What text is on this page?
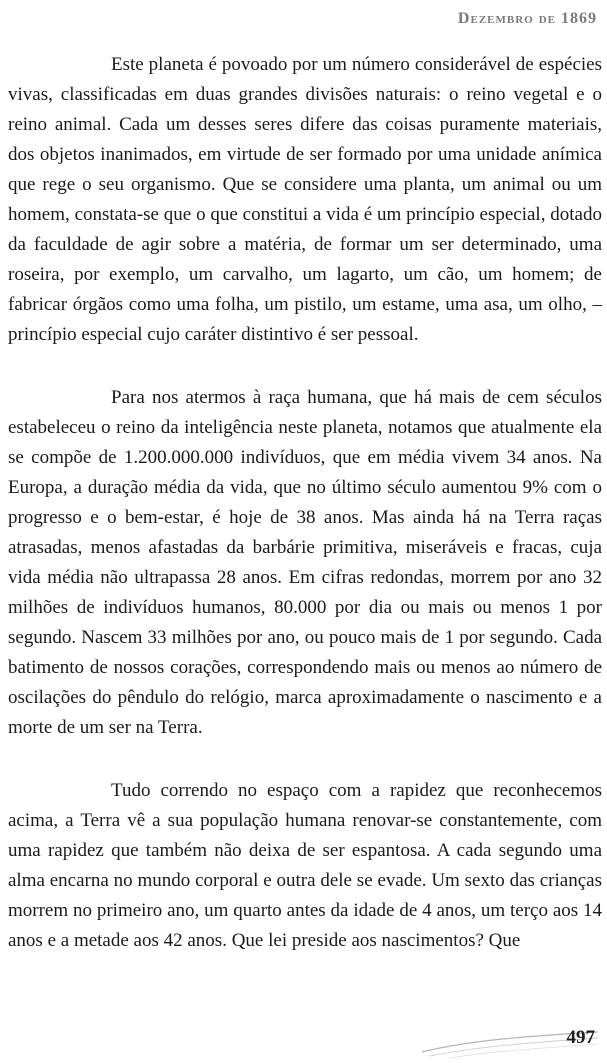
Dezembro de 1869

Este planeta é povoado por um número considerável de espécies vivas, classificadas em duas grandes divisões naturais: o reino vegetal e o reino animal. Cada um desses seres difere das coisas puramente materiais, dos objetos inanimados, em virtude de ser formado por uma unidade anímica que rege o seu organismo. Que se considere uma planta, um animal ou um homem, constata-se que o que constitui a vida é um princípio especial, dotado da faculdade de agir sobre a matéria, de formar um ser determinado, uma roseira, por exemplo, um carvalho, um lagarto, um cão, um homem; de fabricar órgãos como uma folha, um pistilo, um estame, uma asa, um olho, – princípio especial cujo caráter distintivo é ser pessoal.

Para nos atermos à raça humana, que há mais de cem séculos estabeleceu o reino da inteligência neste planeta, notamos que atualmente ela se compõe de 1.200.000.000 indivíduos, que em média vivem 34 anos. Na Europa, a duração média da vida, que no último século aumentou 9% com o progresso e o bem-estar, é hoje de 38 anos. Mas ainda há na Terra raças atrasadas, menos afastadas da barbárie primitiva, miseráveis e fracas, cuja vida média não ultrapassa 28 anos. Em cifras redondas, morrem por ano 32 milhões de indivíduos humanos, 80.000 por dia ou mais ou menos 1 por segundo. Nascem 33 milhões por ano, ou pouco mais de 1 por segundo. Cada batimento de nossos corações, correspondendo mais ou menos ao número de oscilações do pêndulo do relógio, marca aproximadamente o nascimento e a morte de um ser na Terra.

Tudo correndo no espaço com a rapidez que reconhecemos acima, a Terra vê a sua população humana renovar-se constantemente, com uma rapidez que também não deixa de ser espantosa. A cada segundo uma alma encarna no mundo corporal e outra dele se evade. Um sexto das crianças morrem no primeiro ano, um quarto antes da idade de 4 anos, um terço aos 14 anos e a metade aos 42 anos. Que lei preside aos nascimentos? Que

497
